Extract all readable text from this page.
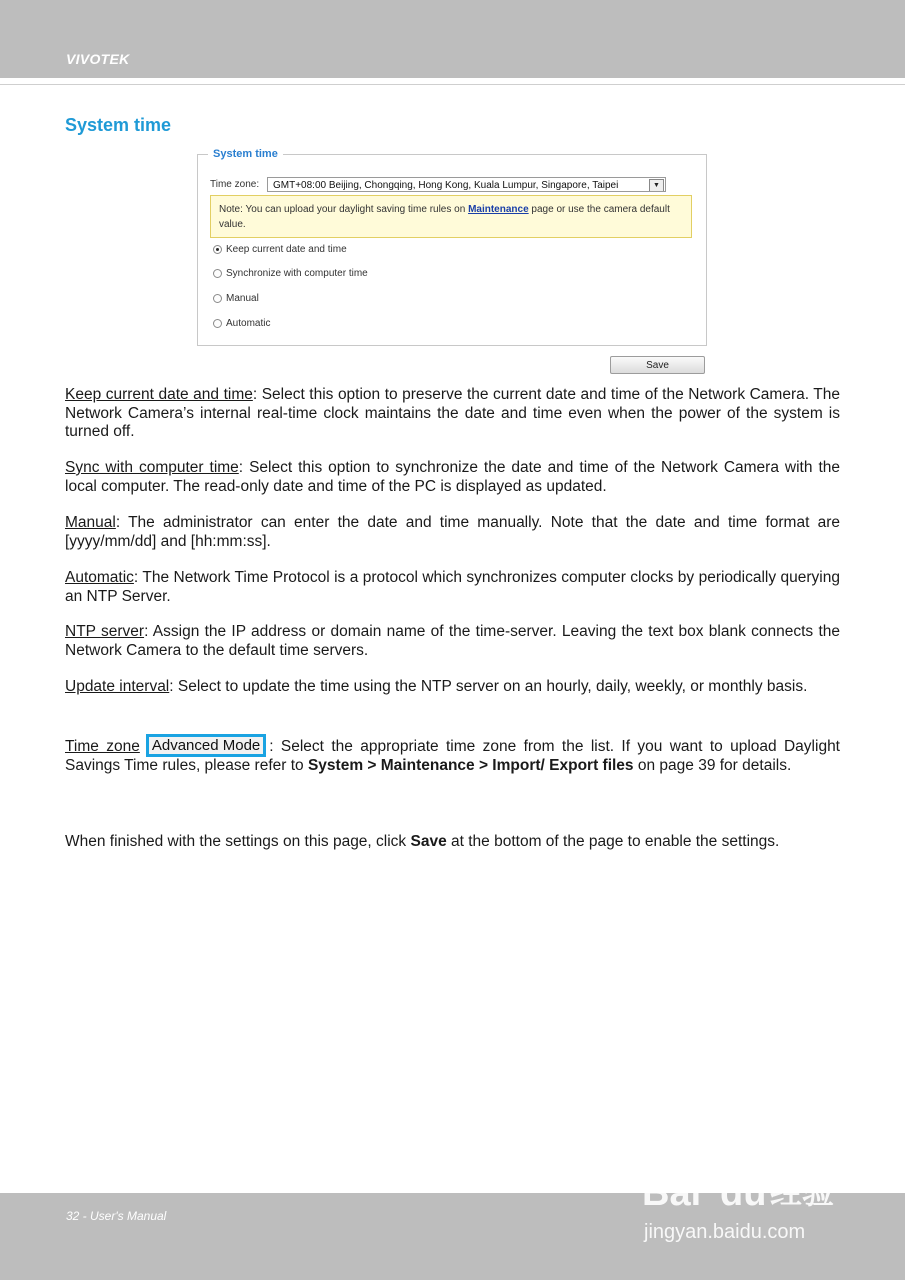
VIVOTEK
System time
System time
Time zone:	GMT+08:00 Beijing, Chongqing, Hong Kong, Kuala Lumpur, Singapore, Taipei	▼
Note: You can upload your daylight saving time rules on Maintenance page or use the camera default value.
Keep current date and time
Synchronize with computer time
Manual
Automatic
Save
Keep current date and time: Select this option to preserve the current date and time of the Network Camera. The Network Camera’s internal real-time clock maintains the date and time even when the power of the system is turned off.
Sync with computer time: Select this option to synchronize the date and time of the Network Camera with the local computer. The read-only date and time of the PC is displayed as updated.
Manual: The administrator can enter the date and time manually. Note that the date and time format are [yyyy/mm/dd] and [hh:mm:ss].
Automatic: The Network Time Protocol is a protocol which synchronizes computer clocks by periodically querying an NTP Server.
NTP server: Assign the IP address or domain name of the time-server. Leaving the text box blank connects the Network Camera to the default time servers.
Update interval: Select to update the time using the NTP server on an hourly, daily, weekly, or monthly basis.
Time zone Advanced Mode : Select the appropriate time zone from the list. If you want to upload Daylight Savings Time rules, please refer to System > Maintenance > Import/ Export files on page 39 for details.
When finished with the settings on this page, click Save at the bottom of the page to enable the settings.
32 - User's Manual
Bai du 经验
jingyan.baidu.com
